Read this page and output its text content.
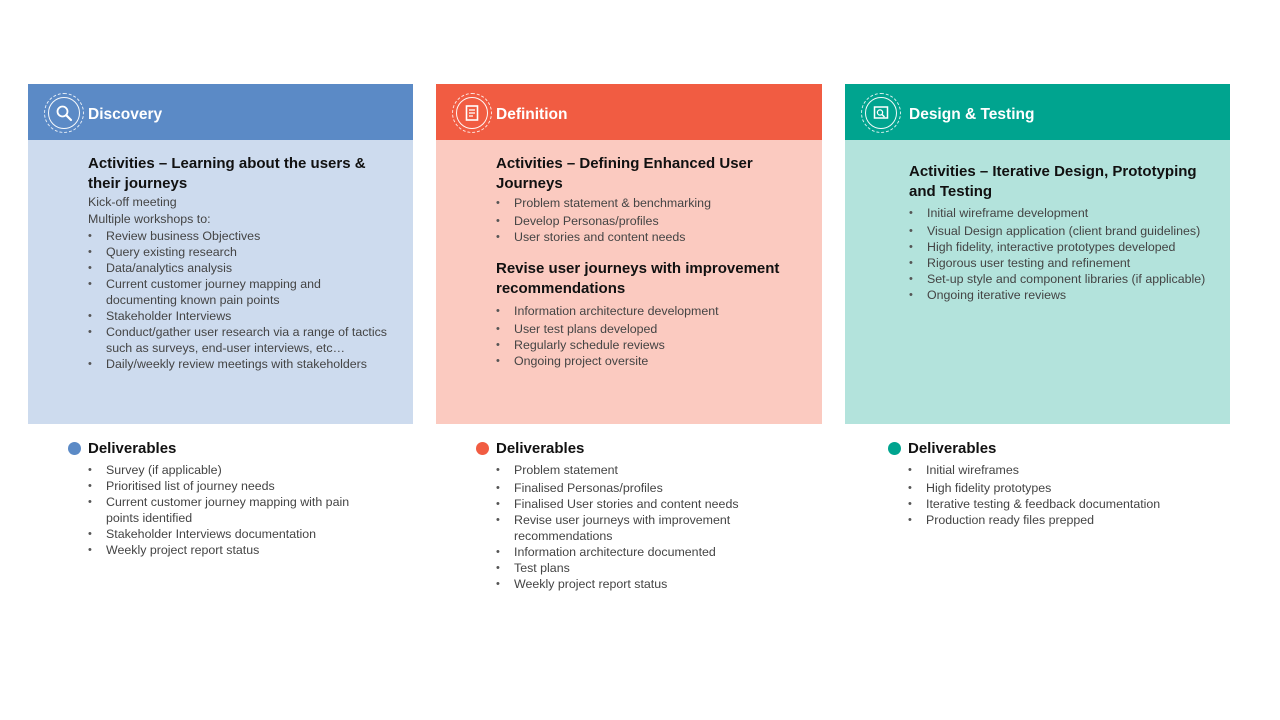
Discovery

Activities – Learning about the users & their journeys

Kick-off meeting
Multiple workshops to:
• Review business Objectives
• Query existing research
• Data/analytics analysis
• Current customer journey mapping and documenting known pain points
• Stakeholder Interviews
• Conduct/gather user research via a range of tactics such as surveys, end-user interviews, etc…
• Daily/weekly review meetings with stakeholders
Deliverables
• Survey (if applicable)
• Prioritised list of journey needs
• Current customer journey mapping with pain points identified
• Stakeholder Interviews documentation
• Weekly project report status
Definition

Activities – Defining Enhanced User Journeys

• Problem statement & benchmarking
• Develop Personas/profiles
• User stories and content needs

Revise user journeys with improvement recommendations

• Information architecture development
• User test plans developed
• Regularly schedule reviews
• Ongoing project oversite
Deliverables
• Problem statement
• Finalised Personas/profiles
• Finalised User stories and content needs
• Revise user journeys with improvement recommendations
• Information architecture documented
• Test plans
• Weekly project report status
Design & Testing

Activities – Iterative Design, Prototyping and Testing

• Initial wireframe development
• Visual Design application (client brand guidelines)
• High fidelity, interactive prototypes developed
• Rigorous user testing and refinement
• Set-up style and component libraries (if applicable)
• Ongoing iterative reviews
Deliverables
• Initial wireframes
• High fidelity prototypes
• Iterative testing & feedback documentation
• Production ready files prepped
